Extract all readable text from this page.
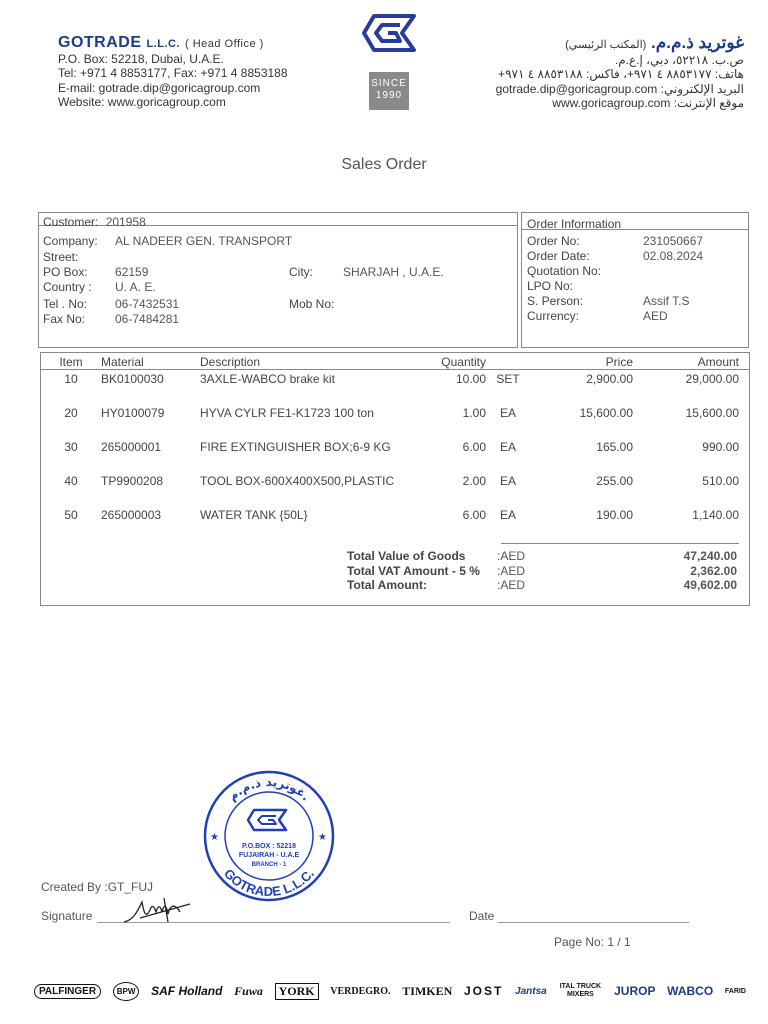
GOTRADE L.L.C. ( Head Office )
P.O. Box: 52218, Dubai, U.A.E.
Tel: +971 4 8853177, Fax: +971 4 8853188
E-mail: gotrade.dip@goricagroup.com
Website: www.goricagroup.com
SINCE
1990
غوتريد ذ.م.م. (المكتب الرئيسي)
ص.ب. ٥٢٢١٨، دبي، إ.ع.م.
هاتف: ٨٨٥٣١٧٧ ٤ ٩٧١+، فاكس: ٨٨٥٣١٨٨ ٤ ٩٧١+
البريد الإلكتروني: gotrade.dip@goricagroup.com
موقع الإنترنت: www.goricagroup.com
Sales Order
Customer: 201958
Company: AL NADEER GEN. TRANSPORT
Street:
PO Box: 62159	City:	SHARJAH , U.A.E.
Country : U. A. E.
Tel . No: 06-7432531	Mob No:
Fax No: 06-7484281
Order Information
Order No:	231050667
Order Date:	02.08.2024
Quotation No:
LPO No:
S. Person:	Assif T.S
Currency:	AED
Item	Material	Description	Quantity		Price	Amount	
10	BK0100030	3AXLE-WABCO brake kit	10.00	SET	2,900.00	29,000.00	
20	HY0100079	HYVA CYLR FE1-K1723 100 ton	1.00	EA	15,600.00	15,600.00	
30	265000001	FIRE EXTINGUISHER BOX;6-9 KG	6.00	EA	165.00	990.00	
40	TP9900208	TOOL BOX-600X400X500,PLASTIC	2.00	EA	255.00	510.00	
50	265000003	WATER TANK {50L}	6.00	EA	190.00	1,140.00	
Total Value of Goods	:AED	47,240.00
Total VAT Amount - 5 % :AED	2,362.00
Total Amount:	:AED	49,602.00
غوتريد ذ.م.م.
GOTRADE L.L.C.
P.O.BOX : 52218
FUJAIRAH - U.A.E
BRANCH - 1
★	★
Created By :GT_FUJ
Signature	Date
Page No: 1 / 1
PALFINGER	BPW	SAF Holland Fuwa	YORK	VERDEGRO. TIMKEN JOST Jantsa ITAL TRUCK MIXERS	JUROP WABCO FARID
